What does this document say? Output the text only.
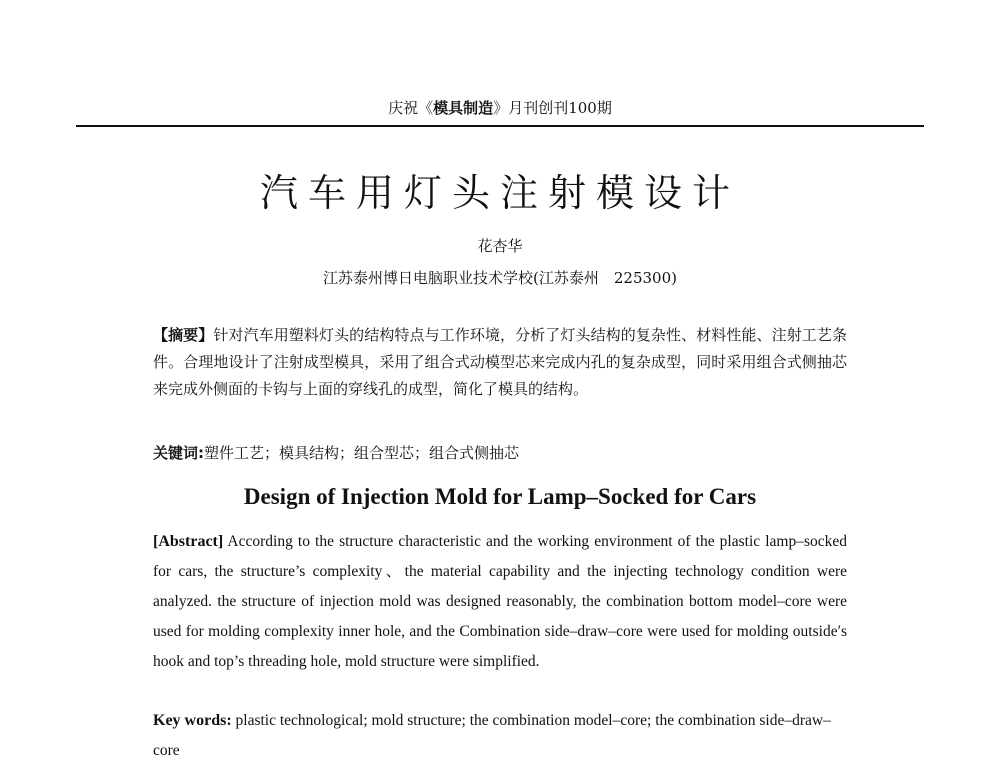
庆祝《模具制造》月刊创刊100期
汽车用灯头注射模设计
花杏华
江苏泰州博日电脑职业技术学校(江苏泰州　225300)
【摘要】针对汽车用塑料灯头的结构特点与工作环境，分析了灯头结构的复杂性、材料性能、注射工艺条件。合理地设计了注射成型模具，采用了组合式动模型芯来完成内孔的复杂成型，同时采用组合式侧抽芯来完成外侧面的卡钩与上面的穿线孔的成型，简化了模具的结构。
关键词:塑件工艺；模具结构；组合型芯；组合式侧抽芯
Design of Injection Mold for Lamp–Socked for Cars
[Abstract] According to the structure characteristic and the working environment of the plastic lamp–socked for cars, the structure’s complexity、the material capability and the injecting technology condition were analyzed. the structure of injection mold was designed reasonably, the combination bottom model–core were used for molding complexity inner hole, and the Combination side–draw–core were used for molding outside′s hook and top’s threading hole, mold structure were simplified.
Key words: plastic technological; mold structure; the combination model–core; the combination side–draw–core
